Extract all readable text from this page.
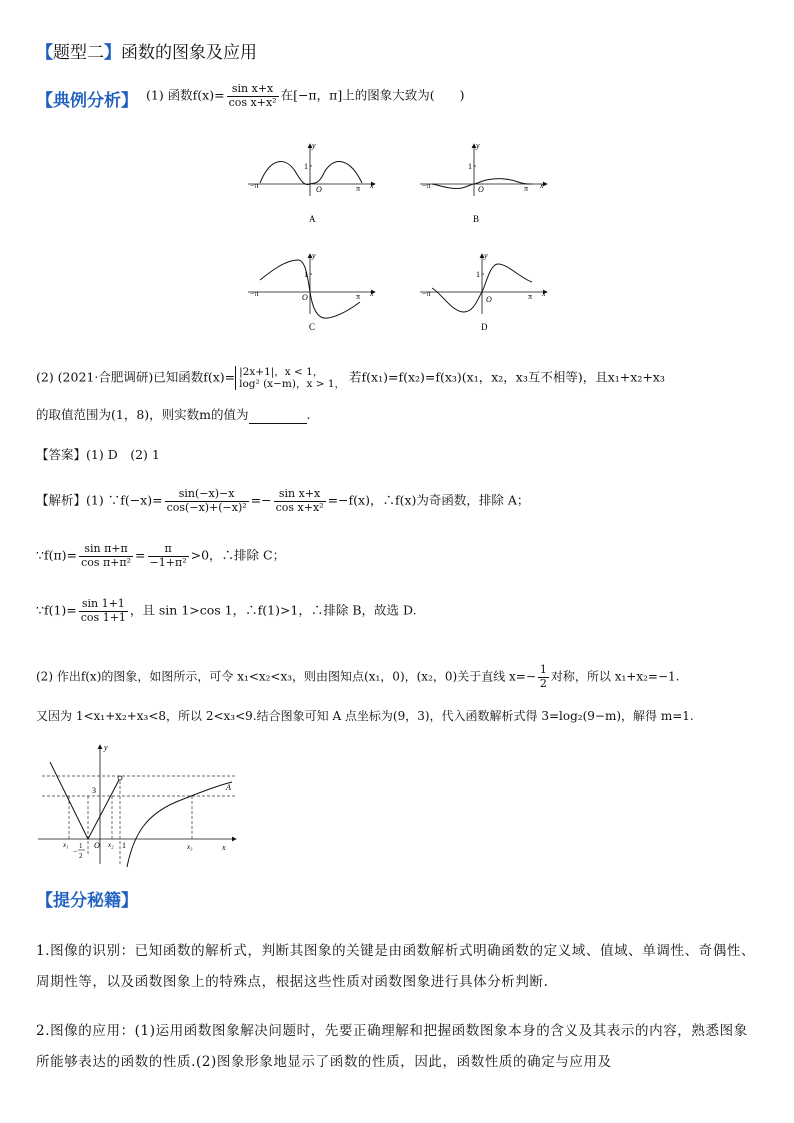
【题型二】函数的图象及应用
【典例分析】 (1) 函数$f(x)= \frac{\text{sin x+x}}{\text{cos x+x²}}$ 在[−π，π]上的图象大致为(　　)
−π	π x
y
1
O
A
−π	π x
y
1
O
B
−π	π x
y
1
O
C
−π	π x
y
1
O
D
(2) (2021·合肥调研)已知函数f(x)= |2x+1|，x < 1，
log² (x−m)，x > 1， 若f(x₁)=f(x₂)=f(x₃)(x₁，x₂，x₃互不相等)，且x₁+x₂+x₃
的取值范围为(1，8)，则实数m的值为	.
【答案】(1) D　(2) 1
【解析】(1) ∵f(−x)= $\frac{\sin(-x)-x}{\text{cos(−x)+(−x)²}} =- \frac{\text{sin x+x}}{\text{cos x+x²}} =-f(x)$，∴f(x)为奇函数，排除 A；
∵f(π)= $\frac{\text{sin π+π}}{\text{cos π+π²}} = \frac{\pi}{\text{−1+π²}} >0$，∴排除 C；
∵f(1)= $\frac{\sin 1+1}{\cos 1+1}$ ，且 sin 1>cos 1，∴f(1)>1，∴排除 B，故选 D.
(2) 作出f(x)的图象，如图所示，可令 x₁<x₂<x₃，则由图知点(x₁，0)，(x₂，0)关于直线 $x=- \frac{1}{2}$ 对称，所以 x₁+x₂=−1.
又因为 1<x₁+x₂+x₃<8，所以 2<x₃<9.结合图象可知 A 点坐标为(9，3)，代入函数解析式得 3=log₂(9−m)，解得 m=1.
y
x
3
1
O
x₁	x₂	x₃
−
1
2
A
【提分秘籍】
1.图像的识别：已知函数的解析式，判断其图象的关键是由函数解析式明确函数的定义域、值域、单调性、奇偶性、周期性等，以及函数图象上的特殊点，根据这些性质对函数图象进行具体分析判断.
2.图像的应用：(1)运用函数图象解决问题时，先要正确理解和把握函数图象本身的含义及其表示的内容，熟悉图象所能够表达的函数的性质.(2)图象形象地显示了函数的性质，因此，函数性质的确定与应用及
